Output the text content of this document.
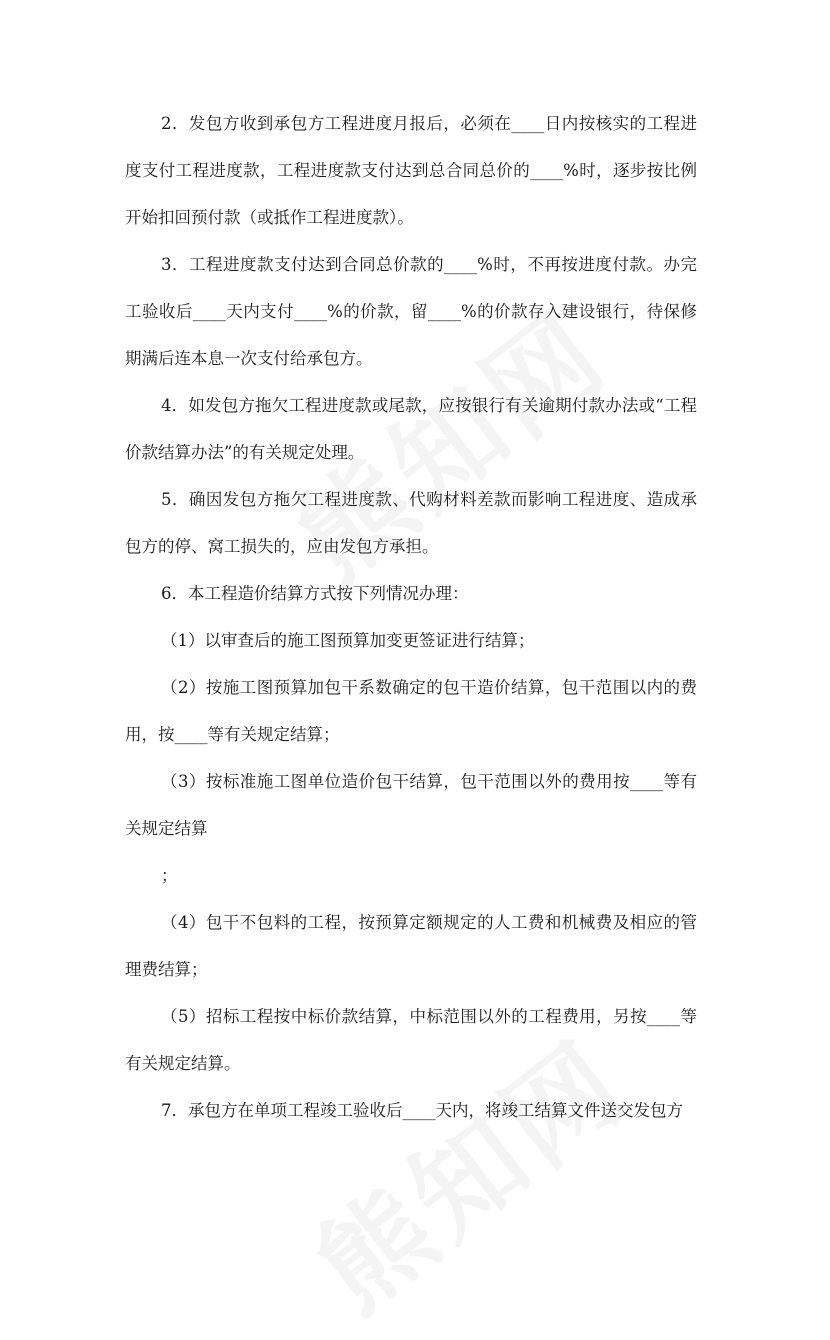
2．发包方收到承包方工程进度月报后，必须在____日内按核实的工程进度支付工程进度款，工程进度款支付达到总合同总价的____%时，逐步按比例开始扣回预付款（或抵作工程进度款）。

3．工程进度款支付达到合同总价款的____%时，不再按进度付款。办完工验收后____天内支付____%的价款，留____%的价款存入建设银行，待保修期满后连本息一次支付给承包方。

4．如发包方拖欠工程进度款或尾款，应按银行有关逾期付款办法或“工程价款结算办法”的有关规定处理。

5．确因发包方拖欠工程进度款、代购材料差款而影响工程进度、造成承包方的停、窝工损失的，应由发包方承担。

6．本工程造价结算方式按下列情况办理：

（1）以审查后的施工图预算加变更签证进行结算；

（2）按施工图预算加包干系数确定的包干造价结算，包干范围以内的费用，按____等有关规定结算；

（3）按标准施工图单位造价包干结算，包干范围以外的费用按____等有关规定结算

；

（4）包干不包料的工程，按预算定额规定的人工费和机械费及相应的管理费结算；

（5）招标工程按中标价款结算，中标范围以外的工程费用，另按____等有关规定结算。

7．承包方在单项工程竣工验收后____天内，将竣工结算文件送交发包方
